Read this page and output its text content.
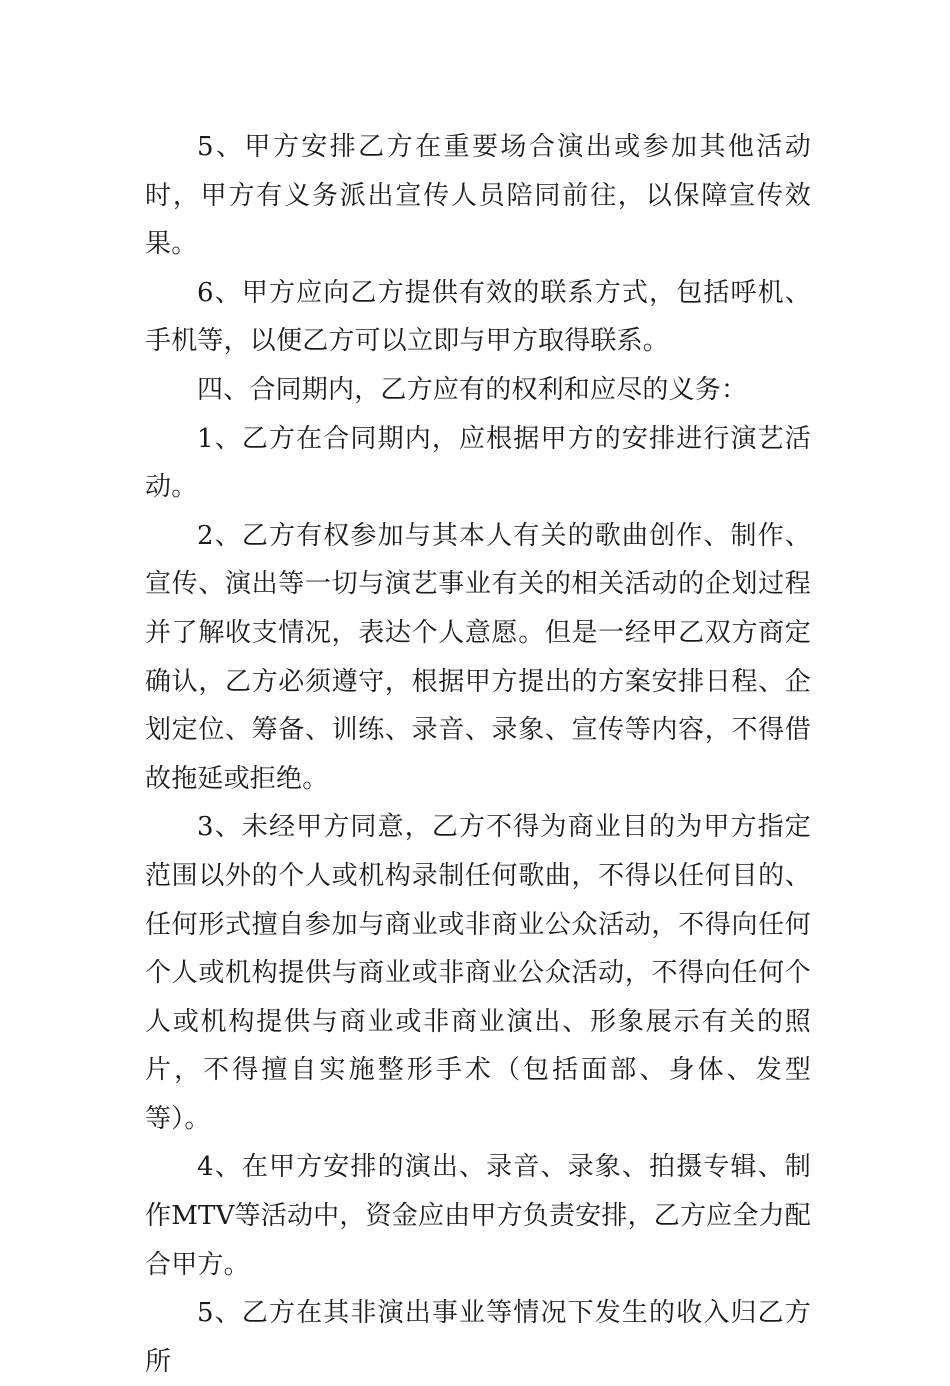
5、甲方安排乙方在重要场合演出或参加其他活动时，甲方有义务派出宣传人员陪同前往，以保障宣传效果。

6、甲方应向乙方提供有效的联系方式，包括呼机、手机等，以便乙方可以立即与甲方取得联系。

四、合同期内，乙方应有的权利和应尽的义务：

1、乙方在合同期内，应根据甲方的安排进行演艺活动。

2、乙方有权参加与其本人有关的歌曲创作、制作、宣传、演出等一切与演艺事业有关的相关活动的企划过程并了解收支情况，表达个人意愿。但是一经甲乙双方商定确认，乙方必须遵守，根据甲方提出的方案安排日程、企划定位、筹备、训练、录音、录象、宣传等内容，不得借故拖延或拒绝。

3、未经甲方同意，乙方不得为商业目的为甲方指定范围以外的个人或机构录制任何歌曲，不得以任何目的、任何形式擅自参加与商业或非商业公众活动，不得向任何个人或机构提供与商业或非商业公众活动，不得向任何个人或机构提供与商业或非商业演出、形象展示有关的照片，不得擅自实施整形手术（包括面部、身体、发型等）。

4、在甲方安排的演出、录音、录象、拍摄专辑、制作MTV等活动中，资金应由甲方负责安排，乙方应全力配合甲方。

5、乙方在其非演出事业等情况下发生的收入归乙方所
